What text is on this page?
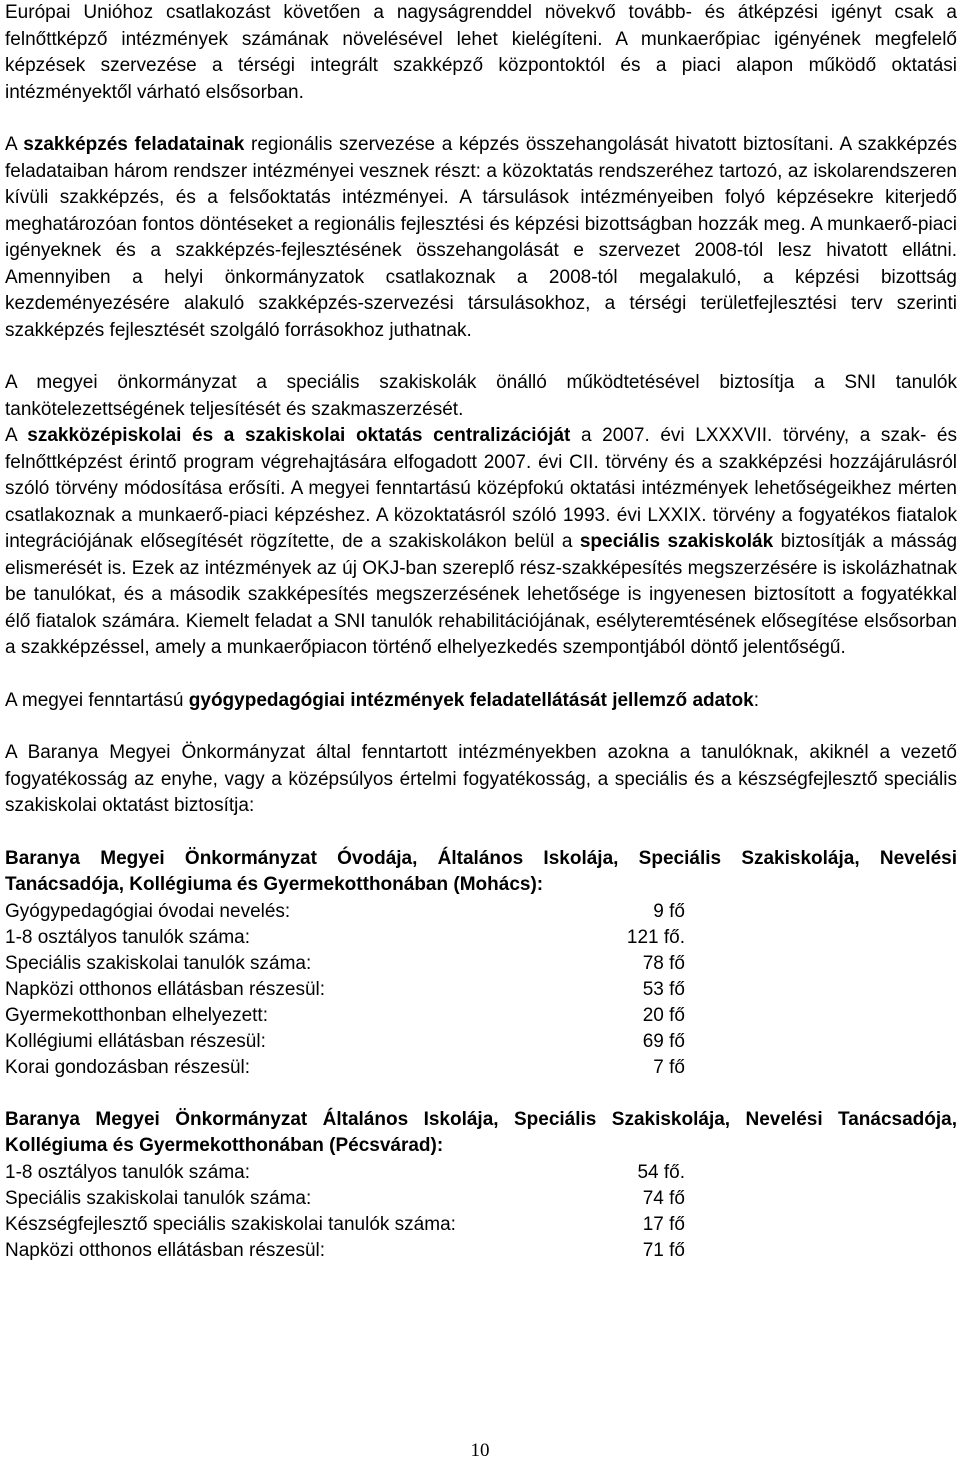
Európai Unióhoz csatlakozást követően a nagyságrenddel növekvő tovább- és átképzési igényt csak a felnőttképző intézmények számának növelésével lehet kielégíteni. A munkaerőpiac igényének megfelelő képzések szervezése a térségi integrált szakképző központoktól és a piaci alapon működő oktatási intézményektől várható elsősorban.

A szakképzés feladatainak regionális szervezése a képzés összehangolását hivatott biztosítani. A szakképzés feladataiban három rendszer intézményei vesznek részt: a közoktatás rendszeréhez tartozó, az iskolarendszeren kívüli szakképzés, és a felsőoktatás intézményei. A társulások intézményeiben folyó képzésekre kiterjedő meghatározóan fontos döntéseket a regionális fejlesztési és képzési bizottságban hozzák meg. A munkaerő-piaci igényeknek és a szakképzés-fejlesztésének összehangolását e szervezet 2008-tól lesz hivatott ellátni. Amennyiben a helyi önkormányzatok csatlakoznak a 2008-tól megalakuló, a képzési bizottság kezdeményezésére alakuló szakképzés-szervezési társulásokhoz, a térségi területfejlesztési terv szerinti szakképzés fejlesztését szolgáló forrásokhoz juthatnak.

A megyei önkormányzat a speciális szakiskolák önálló működtetésével biztosítja a SNI tanulók tankötelezettségének teljesítését és szakmaszerzését.

A szakközépiskolai és a szakiskolai oktatás centralizációját a 2007. évi LXXXVII. törvény, a szak- és felnőttképzést érintő program végrehajtására elfogadott 2007. évi CII. törvény és a szakképzési hozzájárulásról szóló törvény módosítása erősíti. A megyei fenntartású középfokú oktatási intézmények lehetőségeikhez mérten csatlakoznak a munkaerő-piaci képzéshez. A közoktatásról szóló 1993. évi LXXIX. törvény a fogyatékos fiatalok integrációjának elősegítését rögzítette, de a szakiskolákon belül a speciális szakiskolák biztosítják a másság elismerését is. Ezek az intézmények az új OKJ-ban szereplő rész-szakképesítés megszerzésére is iskolázhatnak be tanulókat, és a második szakképesítés megszerzésének lehetősége is ingyenesen biztosított a fogyatékkal élő fiatalok számára. Kiemelt feladat a SNI tanulók rehabilitációjának, esélyteremtésének elősegítése elsősorban a szakképzéssel, amely a munkaerőpiacon történő elhelyezkedés szempontjából döntő jelentőségű.

A megyei fenntartású gyógypedagógiai intézmények feladatellátását jellemző adatok:

A Baranya Megyei Önkormányzat által fenntartott intézményekben azokna a tanulóknak, akiknél a vezető fogyatékosság az enyhe, vagy a középsúlyos értelmi fogyatékosság, a speciális és a készségfejlesztő speciális szakiskolai oktatást biztosítja:

Baranya Megyei Önkormányzat Óvodája, Általános Iskolája, Speciális Szakiskolája, Nevelési Tanácsadója, Kollégiuma és Gyermekotthonában (Mohács):

Gyógypedagógiai óvodai nevelés:	9 fő
1-8 osztályos tanulók száma:	121 fő.
Speciális szakiskolai tanulók száma:	78 fő
Napközi otthonos ellátásban részesül:	53 fő
Gyermekotthonban elhelyezett:	20 fő
Kollégiumi ellátásban részesül:	69 fő
Korai gondozásban részesül:	7 fő

Baranya Megyei Önkormányzat Általános Iskolája, Speciális Szakiskolája, Nevelési Tanácsadója, Kollégiuma és Gyermekotthonában (Pécsvárad):

1-8 osztályos tanulók száma:	54 fő.
Speciális szakiskolai tanulók száma:	74 fő
Készségfejlesztő speciális szakiskolai tanulók száma:	17 fő
Napközi otthonos ellátásban részesül:	71 fő
10
